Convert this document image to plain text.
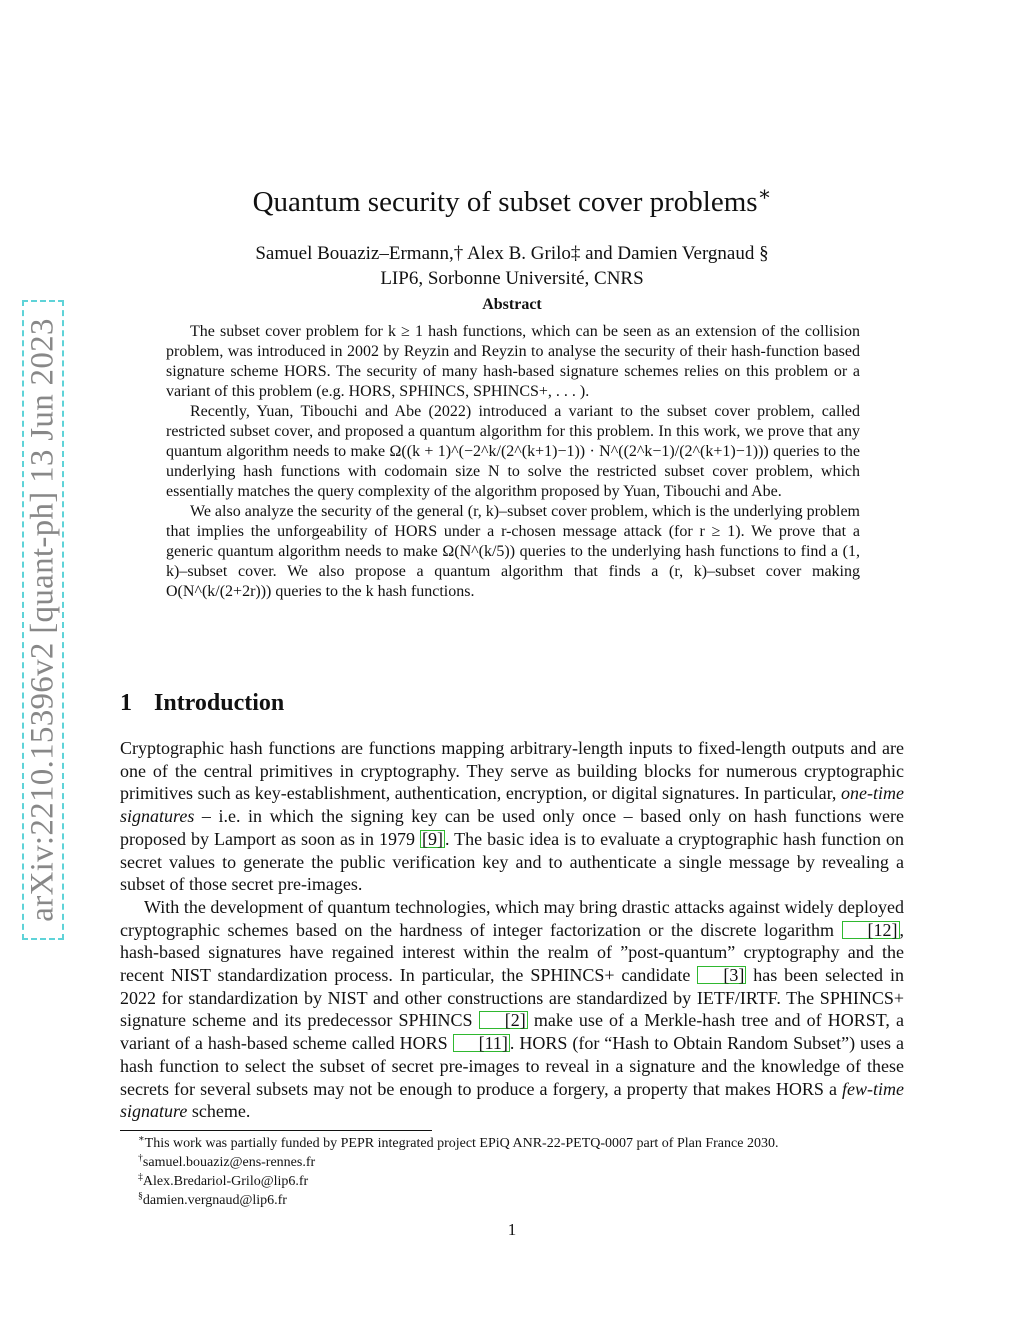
arXiv:2210.15396v2 [quant-ph] 13 Jun 2023
Quantum security of subset cover problems∗
Samuel Bouaziz–Ermann,† Alex B. Grilo‡ and Damien Vergnaud §
LIP6, Sorbonne Université, CNRS
Abstract

The subset cover problem for k ≥ 1 hash functions, which can be seen as an extension of the collision problem, was introduced in 2002 by Reyzin and Reyzin to analyse the security of their hash-function based signature scheme HORS. The security of many hash-based signature schemes relies on this problem or a variant of this problem (e.g. HORS, SPHINCS, SPHINCS+, . . . ).

Recently, Yuan, Tibouchi and Abe (2022) introduced a variant to the subset cover problem, called restricted subset cover, and proposed a quantum algorithm for this problem. In this work, we prove that any quantum algorithm needs to make Ω((k + 1)^(−2^k/(2^(k+1)−1)) · N^((2^k−1)/(2^(k+1)−1))) queries to the underlying hash functions with codomain size N to solve the restricted subset cover problem, which essentially matches the query complexity of the algorithm proposed by Yuan, Tibouchi and Abe.

We also analyze the security of the general (r, k)–subset cover problem, which is the underlying problem that implies the unforgeability of HORS under a r-chosen message attack (for r ≥ 1). We prove that a generic quantum algorithm needs to make Ω(N^(k/5)) queries to the underlying hash functions to find a (1, k)–subset cover. We also propose a quantum algorithm that finds a (r, k)–subset cover making O(N^(k/(2+2r))) queries to the k hash functions.

1 Introduction

Cryptographic hash functions are functions mapping arbitrary-length inputs to fixed-length outputs and are one of the central primitives in cryptography. They serve as building blocks for numerous cryptographic primitives such as key-establishment, authentication, encryption, or digital signatures. In particular, one-time signatures – i.e. in which the signing key can be used only once – based only on hash functions were proposed by Lamport as soon as in 1979 [9] . The basic idea is to evaluate a cryptographic hash function on secret values to generate the public verification key and to authenticate a single message by revealing a subset of those secret pre-images.

With the development of quantum technologies, which may bring drastic attacks against widely deployed cryptographic schemes based on the hardness of integer factorization or the discrete logarithm [12] , hash-based signatures have regained interest within the realm of ”post-quantum” cryptography and the recent NIST standardization process. In particular, the SPHINCS+ candidate [3] has been selected in 2022 for standardization by NIST and other constructions are standardized by IETF/IRTF. The SPHINCS+ signature scheme and its predecessor SPHINCS [2] make use of a Merkle-hash tree and of HORST, a variant of a hash-based scheme called HORS [11] . HORS (for “Hash to Obtain Random Subset”) uses a hash function to select the subset of secret pre-images to reveal in a signature and the knowledge of these secrets for several subsets may not be enough to produce a forgery, a property that makes HORS a few-time signature scheme.

∗This work was partially funded by PEPR integrated project EPiQ ANR-22-PETQ-0007 part of Plan France 2030.

†samuel.bouaziz@ens-rennes.fr

‡Alex.Bredariol-Grilo@lip6.fr

§damien.vergnaud@lip6.fr

1
